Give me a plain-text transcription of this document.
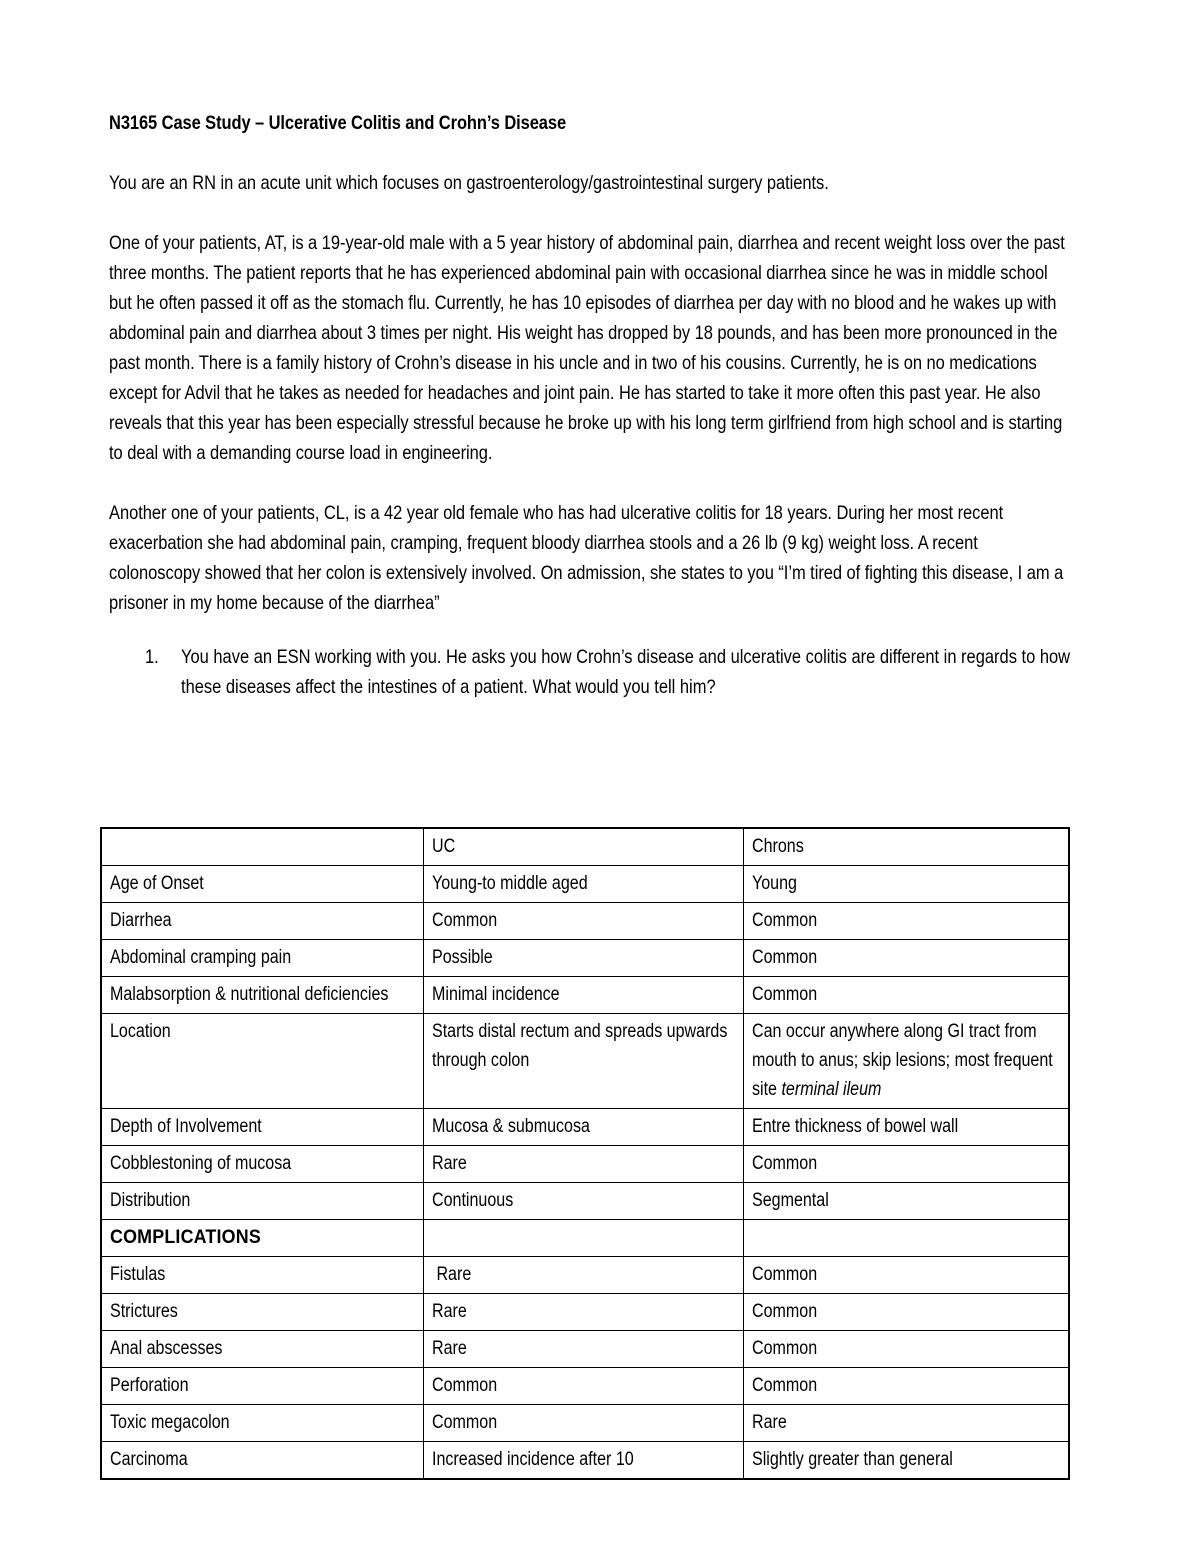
N3165 Case Study – Ulcerative Colitis and Crohn’s Disease

You are an RN in an acute unit which focuses on gastroenterology/gastrointestinal surgery patients.

One of your patients, AT, is a 19-year-old male with a 5 year history of abdominal pain, diarrhea and recent weight loss over the past three months. The patient reports that he has experienced abdominal pain with occasional diarrhea since he was in middle school but he often passed it off as the stomach flu. Currently, he has 10 episodes of diarrhea per day with no blood and he wakes up with abdominal pain and diarrhea about 3 times per night. His weight has dropped by 18 pounds, and has been more pronounced in the past month. There is a family history of Crohn’s disease in his uncle and in two of his cousins. Currently, he is on no medications except for Advil that he takes as needed for headaches and joint pain. He has started to take it more often this past year. He also reveals that this year has been especially stressful because he broke up with his long term girlfriend from high school and is starting to deal with a demanding course load in engineering.

Another one of your patients, CL, is a 42 year old female who has had ulcerative colitis for 18 years. During her most recent exacerbation she had abdominal pain, cramping, frequent bloody diarrhea stools and a 26 lb (9 kg) weight loss. A recent colonoscopy showed that her colon is extensively involved. On admission, she states to you “I’m tired of fighting this disease, I am a prisoner in my home because of the diarrhea”

1.	You have an ESN working with you. He asks you how Crohn’s disease and ulcerative colitis are different in regards to how these diseases affect the intestines of a patient. What would you tell him?

	UC	Chrons

Age of Onset	Young-to middle aged	Young

Diarrhea	Common	Common

Abdominal cramping pain	Possible	Common

Malabsorption & nutritional deficiencies	Minimal incidence	Common

Location	Starts distal rectum and spreads upwards through colon	Can occur anywhere along GI tract from mouth to anus; skip lesions; most frequent site terminal ileum

Depth of Involvement	Mucosa & submucosa	Entre thickness of bowel wall

Cobblestoning of mucosa	Rare	Common

Distribution	Continuous	Segmental

COMPLICATIONS		

Fistulas	Rare	Common

Strictures	Rare	Common

Anal abscesses	Rare	Common

Perforation	Common	Common

Toxic megacolon	Common	Rare

Carcinoma	Increased incidence after 10	Slightly greater than general
